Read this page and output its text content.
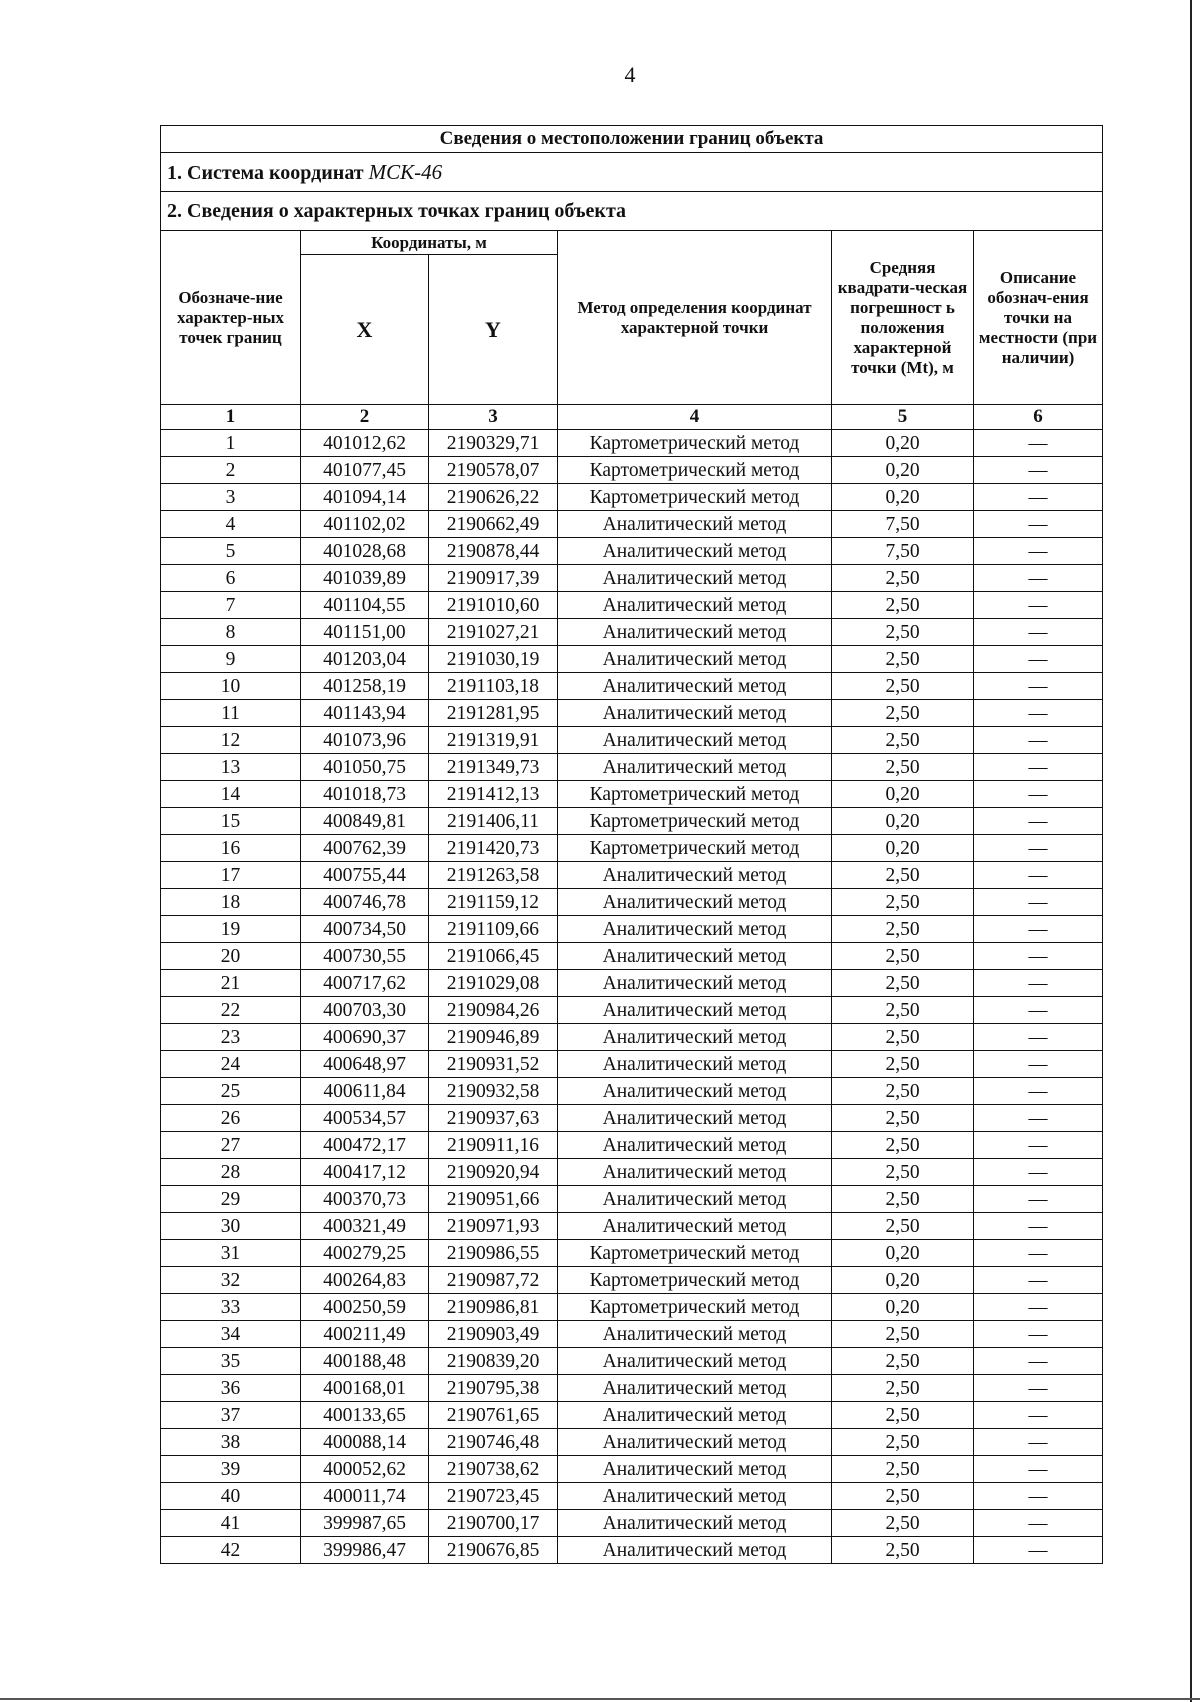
4
Сведения о местоположении границ объекта					
1. Система координат МСК-46					
2. Сведения о характерных точках границ объекта					
Обозначе-ние характер-ных точек границ	Координаты, м		Метод определения координат характерной точки	Средняя квадрати-ческая погрешност ь положения характерной точки (Мt), м	Описание обознач-ения точки на местности (при наличии)
	X	Y			
1	2	3	4	5	6
1	401012,62	2190329,71	Картометрический метод	0,20	—
2	401077,45	2190578,07	Картометрический метод	0,20	—
3	401094,14	2190626,22	Картометрический метод	0,20	—
4	401102,02	2190662,49	Аналитический метод	7,50	—
5	401028,68	2190878,44	Аналитический метод	7,50	—
6	401039,89	2190917,39	Аналитический метод	2,50	—
7	401104,55	2191010,60	Аналитический метод	2,50	—
8	401151,00	2191027,21	Аналитический метод	2,50	—
9	401203,04	2191030,19	Аналитический метод	2,50	—
10	401258,19	2191103,18	Аналитический метод	2,50	—
11	401143,94	2191281,95	Аналитический метод	2,50	—
12	401073,96	2191319,91	Аналитический метод	2,50	—
13	401050,75	2191349,73	Аналитический метод	2,50	—
14	401018,73	2191412,13	Картометрический метод	0,20	—
15	400849,81	2191406,11	Картометрический метод	0,20	—
16	400762,39	2191420,73	Картометрический метод	0,20	—
17	400755,44	2191263,58	Аналитический метод	2,50	—
18	400746,78	2191159,12	Аналитический метод	2,50	—
19	400734,50	2191109,66	Аналитический метод	2,50	—
20	400730,55	2191066,45	Аналитический метод	2,50	—
21	400717,62	2191029,08	Аналитический метод	2,50	—
22	400703,30	2190984,26	Аналитический метод	2,50	—
23	400690,37	2190946,89	Аналитический метод	2,50	—
24	400648,97	2190931,52	Аналитический метод	2,50	—
25	400611,84	2190932,58	Аналитический метод	2,50	—
26	400534,57	2190937,63	Аналитический метод	2,50	—
27	400472,17	2190911,16	Аналитический метод	2,50	—
28	400417,12	2190920,94	Аналитический метод	2,50	—
29	400370,73	2190951,66	Аналитический метод	2,50	—
30	400321,49	2190971,93	Аналитический метод	2,50	—
31	400279,25	2190986,55	Картометрический метод	0,20	—
32	400264,83	2190987,72	Картометрический метод	0,20	—
33	400250,59	2190986,81	Картометрический метод	0,20	—
34	400211,49	2190903,49	Аналитический метод	2,50	—
35	400188,48	2190839,20	Аналитический метод	2,50	—
36	400168,01	2190795,38	Аналитический метод	2,50	—
37	400133,65	2190761,65	Аналитический метод	2,50	—
38	400088,14	2190746,48	Аналитический метод	2,50	—
39	400052,62	2190738,62	Аналитический метод	2,50	—
40	400011,74	2190723,45	Аналитический метод	2,50	—
41	399987,65	2190700,17	Аналитический метод	2,50	—
42	399986,47	2190676,85	Аналитический метод	2,50	—
